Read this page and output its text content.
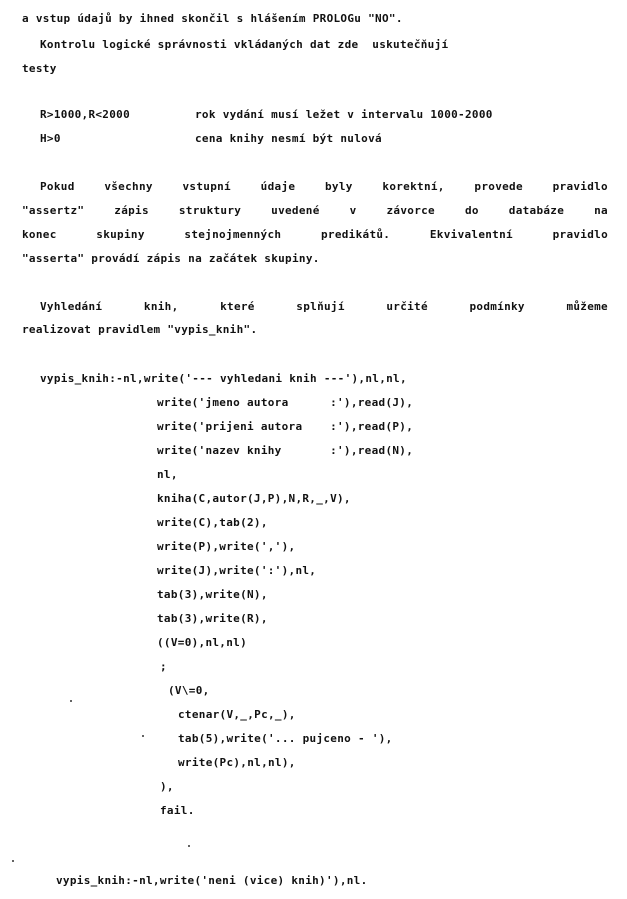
a vstup údajů by ihned skončil s hlášením PROLOGu "NO".
Kontrolu logické správnosti vkládaných dat zde  uskutečňují
testy
R>1000,R<2000	rok vydání musí ležet v intervalu 1000-2000
H>0	cena knihy nesmí být nulová
Pokud	všechny	vstupní	údaje	byly	korektní,	provede	pravidlo
"assertz"	zápis	struktury	uvedené	v	závorce	do	databáze	na
konec	skupiny	stejnojmenných	predikátů.	Ekvivalentní	pravidlo
"asserta" provádí zápis na začátek skupiny.
Vyhledání	knih,	které	splňují	určité	podmínky	můžeme
realizovat pravidlem "vypis_knih".
vypis_knih:-nl,write('--- vyhledani knih ---'),nl,nl,
write('jmeno autora      :'),read(J),
write('prijeni autora    :'),read(P),
write('nazev knihy       :'),read(N),
nl,
kniha(C,autor(J,P),N,R,_,V),
write(C),tab(2),
write(P),write(','),
write(J),write(':'),nl,
tab(3),write(N),
tab(3),write(R),
((V=0),nl,nl)
;
(V\=0,
ctenar(V,_,Pc,_),
tab(5),write('... pujceno - '),
write(Pc),nl,nl),
),
fail.
vypis_knih:-nl,write('neni (vice) knih)'),nl.
